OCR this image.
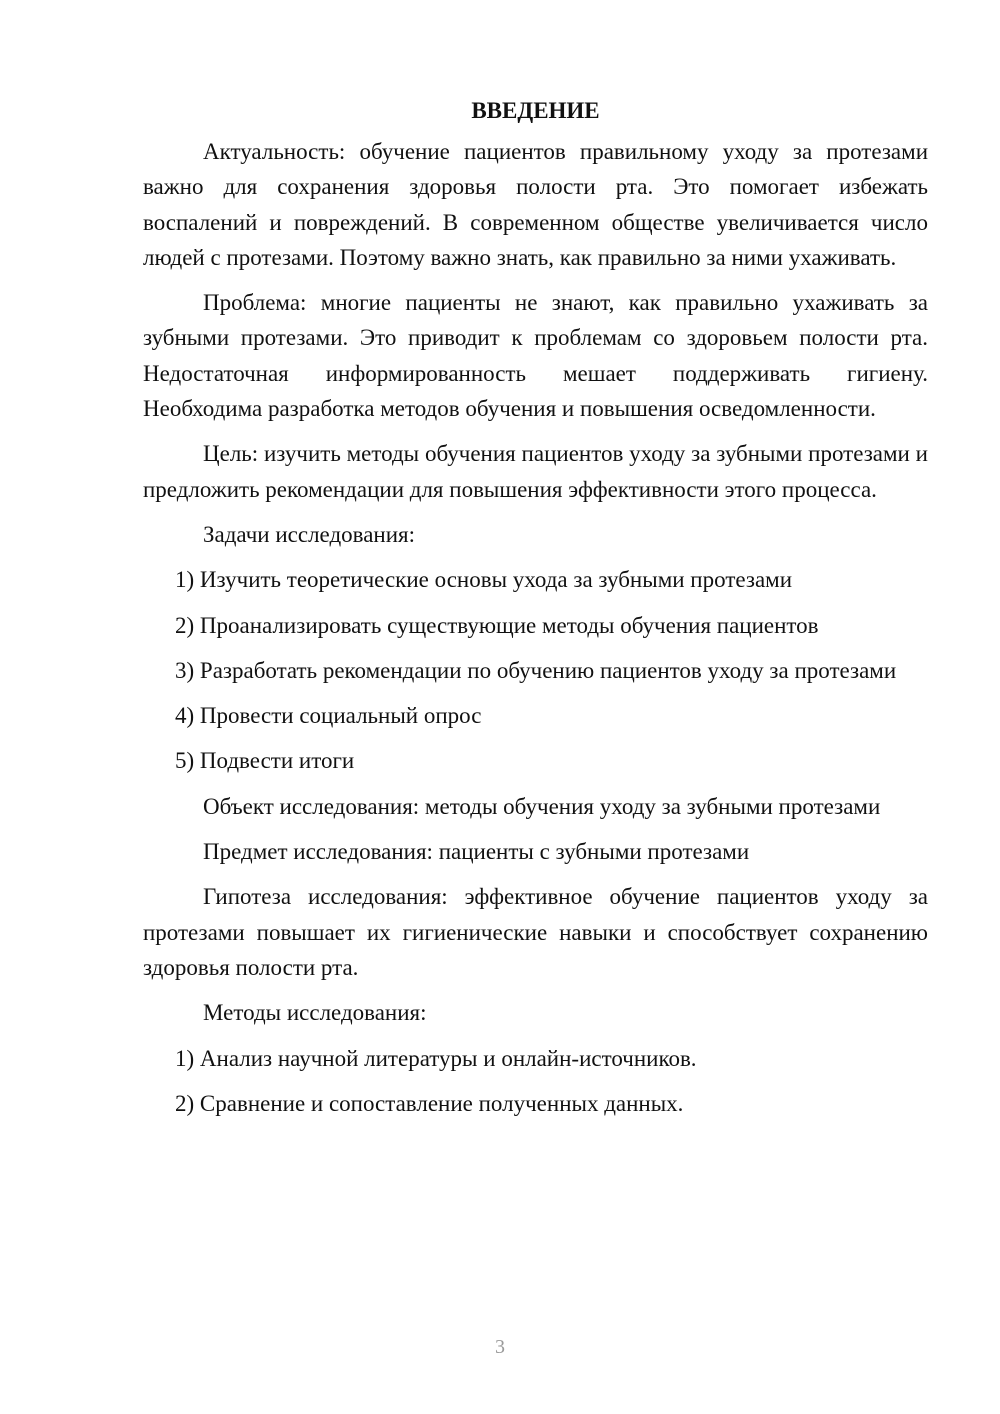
ВВЕДЕНИЕ

Актуальность: обучение пациентов правильному уходу за протезами важно для сохранения здоровья полости рта. Это помогает избежать воспалений и повреждений. В современном обществе увеличивается число людей с протезами. Поэтому важно знать, как правильно за ними ухаживать.

Проблема: многие пациенты не знают, как правильно ухаживать за зубными протезами. Это приводит к проблемам со здоровьем полости рта. Недостаточная информированность мешает поддерживать гигиену. Необходима разработка методов обучения и повышения осведомленности.

Цель: изучить методы обучения пациентов уходу за зубными протезами и предложить рекомендации для повышения эффективности этого процесса.

Задачи исследования:

1) Изучить теоретические основы ухода за зубными протезами

2) Проанализировать существующие методы обучения пациентов

3) Разработать рекомендации по обучению пациентов уходу за протезами

4) Провести социальный опрос

5) Подвести итоги

Объект исследования: методы обучения уходу за зубными протезами

Предмет исследования: пациенты с зубными протезами

Гипотеза исследования: эффективное обучение пациентов уходу за протезами повышает их гигиенические навыки и способствует сохранению здоровья полости рта.

Методы исследования:

1) Анализ научной литературы и онлайн-источников.

2) Сравнение и сопоставление полученных данных.

3
